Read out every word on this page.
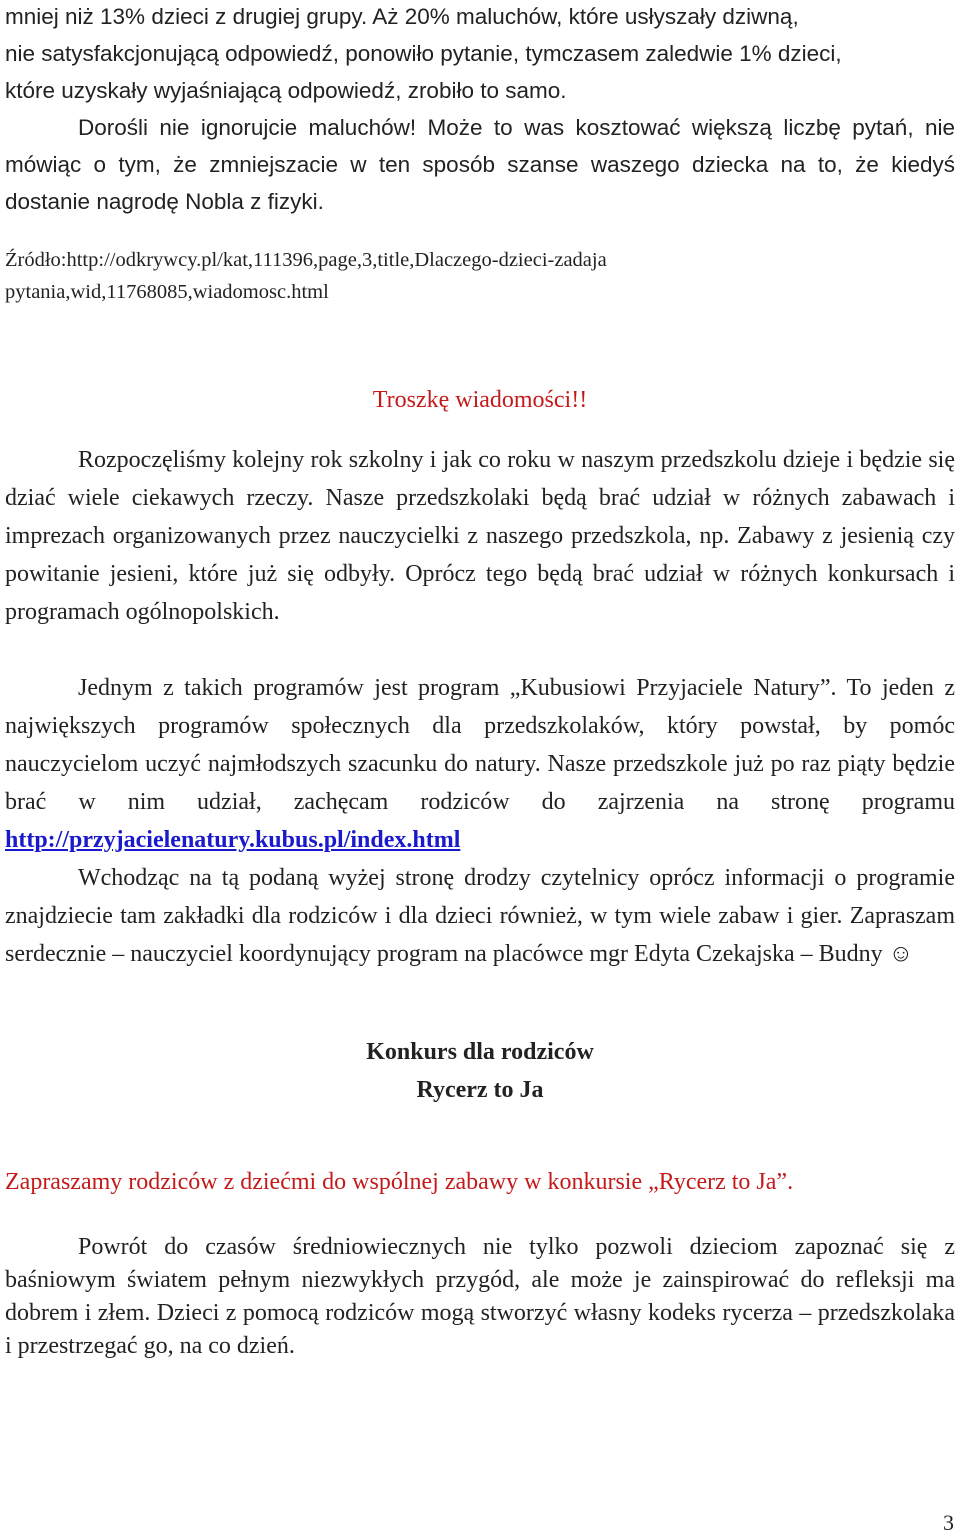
mniej niż 13% dzieci z drugiej grupy. Aż 20% maluchów, które usłyszały dziwną,
nie satysfakcjonującą odpowiedź, ponowiło pytanie, tymczasem zaledwie 1% dzieci,
które uzyskały wyjaśniającą odpowiedź, zrobiło to samo.

Dorośli nie ignorujcie maluchów! Może to was kosztować większą liczbę pytań, nie mówiąc o tym, że zmniejszacie w ten sposób szanse waszego dziecka na to, że kiedyś dostanie nagrodę Nobla z fizyki.

Źródło:http://odkrywcy.pl/kat,111396,page,3,title,Dlaczego-dzieci-zadaja
pytania,wid,11768085,wiadomosc.html
Troszkę wiadomości!!

Rozpoczęliśmy kolejny rok szkolny i jak co roku w naszym przedszkolu dzieje i będzie się dziać wiele ciekawych rzeczy. Nasze przedszkolaki będą brać udział w różnych zabawach i imprezach organizowanych przez nauczycielki z naszego przedszkola, np. Zabawy z jesienią czy powitanie jesieni, które już się odbyły. Oprócz tego będą brać udział w różnych konkursach i programach ogólnopolskich.

Jednym z takich programów jest program „Kubusiowi Przyjaciele Natury”. To jeden z największych programów społecznych dla przedszkolaków, który powstał, by pomóc nauczycielom uczyć najmłodszych szacunku do natury. Nasze przedszkole już po raz piąty będzie brać w nim udział, zachęcam rodziców do zajrzenia na stronę programu http://przyjacielenatury.kubus.pl/index.html

Wchodząc na tą podaną wyżej stronę drodzy czytelnicy oprócz informacji o programie znajdziecie tam zakładki dla rodziców i dla dzieci również, w tym wiele zabaw i gier. Zapraszam serdecznie – nauczyciel koordynujący program na placówce mgr Edyta Czekajska – Budny ☺

Konkurs dla rodziców
Rycerz to Ja
Zapraszamy rodziców z dziećmi do wspólnej zabawy w konkursie „Rycerz to Ja”.

Powrót do czasów średniowiecznych nie tylko pozwoli dzieciom zapoznać się z baśniowym światem pełnym niezwykłych przygód, ale może je zainspirować do refleksji ma dobrem i złem. Dzieci z pomocą rodziców mogą stworzyć własny kodeks rycerza – przedszkolaka i przestrzegać go, na co dzień.

3
